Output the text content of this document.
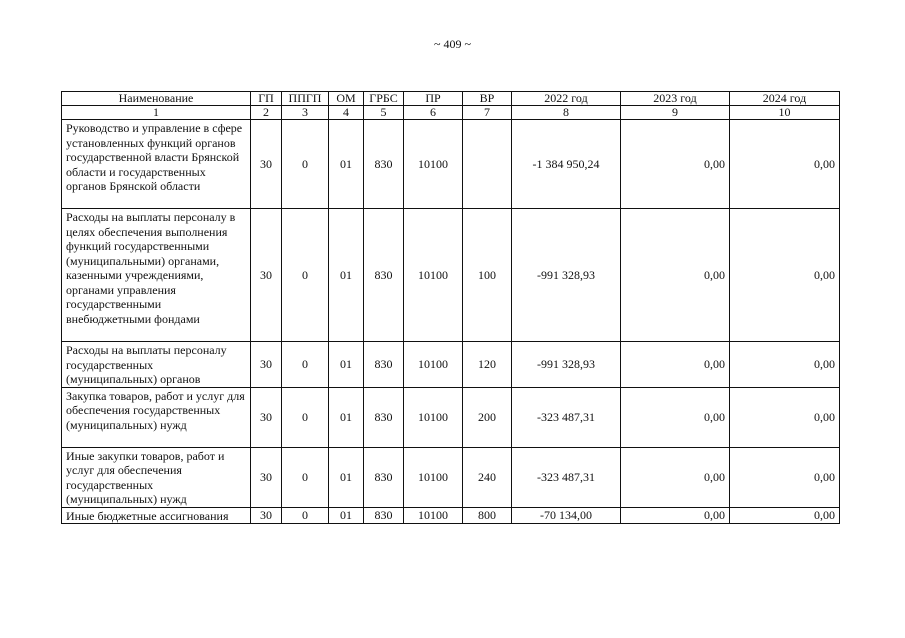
~ 409 ~
Наименование	ГП	ППГП	ОМ	ГРБС	ПР	ВР	2022 год	2023 год	2024 год
1	2	3	4	5	6	7	8	9	10
Руководство и управление в сфере установленных функций органов государственной власти Брянской области и государственных органов Брянской области	30	0	01	830	10100		-1 384 950,24	0,00	0,00
Расходы на выплаты персоналу в целях обеспечения выполнения функций государственными (муниципальными) органами, казенными учреждениями, органами управления государственными внебюджетными фондами	30	0	01	830	10100	100	-991 328,93	0,00	0,00
Расходы на выплаты персоналу государственных (муниципальных) органов	30	0	01	830	10100	120	-991 328,93	0,00	0,00
Закупка товаров, работ и услуг для обеспечения государственных (муниципальных) нужд	30	0	01	830	10100	200	-323 487,31	0,00	0,00
Иные закупки товаров, работ и услуг для обеспечения государственных (муниципальных) нужд	30	0	01	830	10100	240	-323 487,31	0,00	0,00
Иные бюджетные ассигнования	30	0	01	830	10100	800	-70 134,00	0,00	0,00
